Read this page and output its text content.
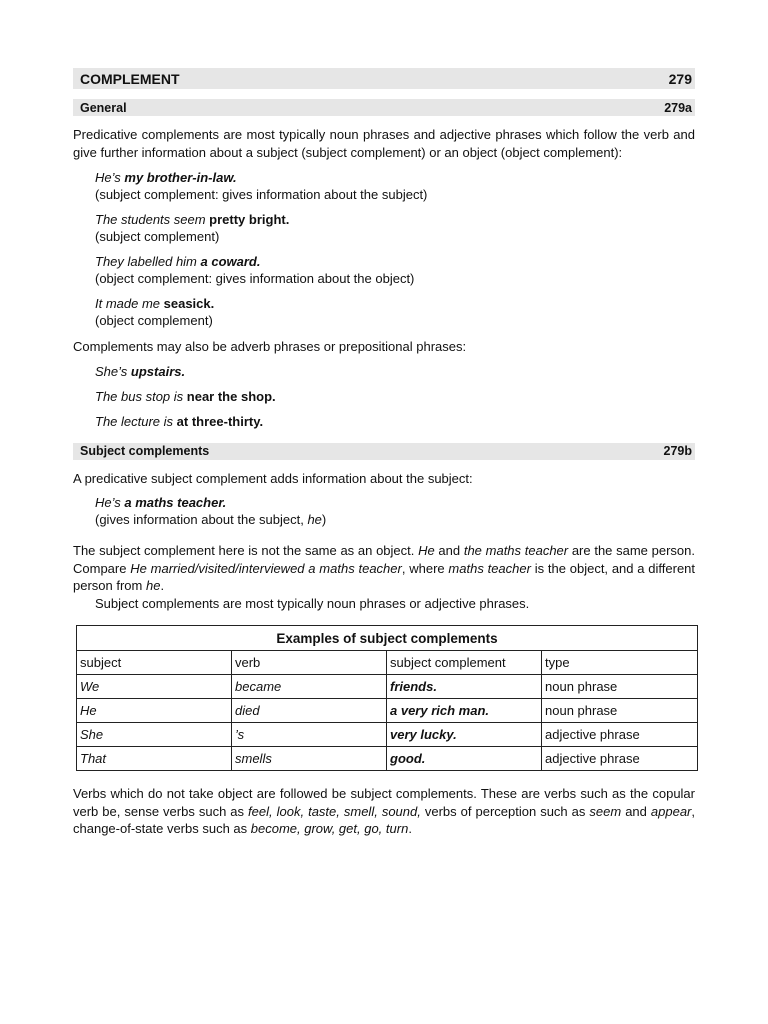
COMPLEMENT	279
General	279a

Predicative complements are most typically noun phrases and adjective phrases which follow the verb and give further information about a subject (subject complement) or an object (object complement):

He’s my brother-in-law.
(subject complement: gives information about the subject)
The students seem pretty bright.
(subject complement)
They labelled him a coward.
(object complement: gives information about the object)
It made me seasick.
(object complement)

Complements may also be adverb phrases or prepositional phrases:

She’s upstairs.
The bus stop is near the shop.
The lecture is at three-thirty.
Subject complements	279b

A predicative subject complement adds information about the subject:

He’s a maths teacher.
(gives information about the subject, he)

The subject complement here is not the same as an object. He and the maths teacher are the same person. Compare He married/visited/interviewed a maths teacher, where maths teacher is the object, and a different person from he.

Subject complements are most typically noun phrases or adjective phrases.

Examples of subject complements			
subject	verb	subject complement	type
We	became	friends.	noun phrase
He	died	a very rich man.	noun phrase
She	’s	very lucky.	adjective phrase
That	smells	good.	adjective phrase

Verbs which do not take object are followed be subject complements. These are verbs such as the copular verb be, sense verbs such as feel, look, taste, smell, sound, verbs of perception such as seem and appear, change-of-state verbs such as become, grow, get, go, turn.
